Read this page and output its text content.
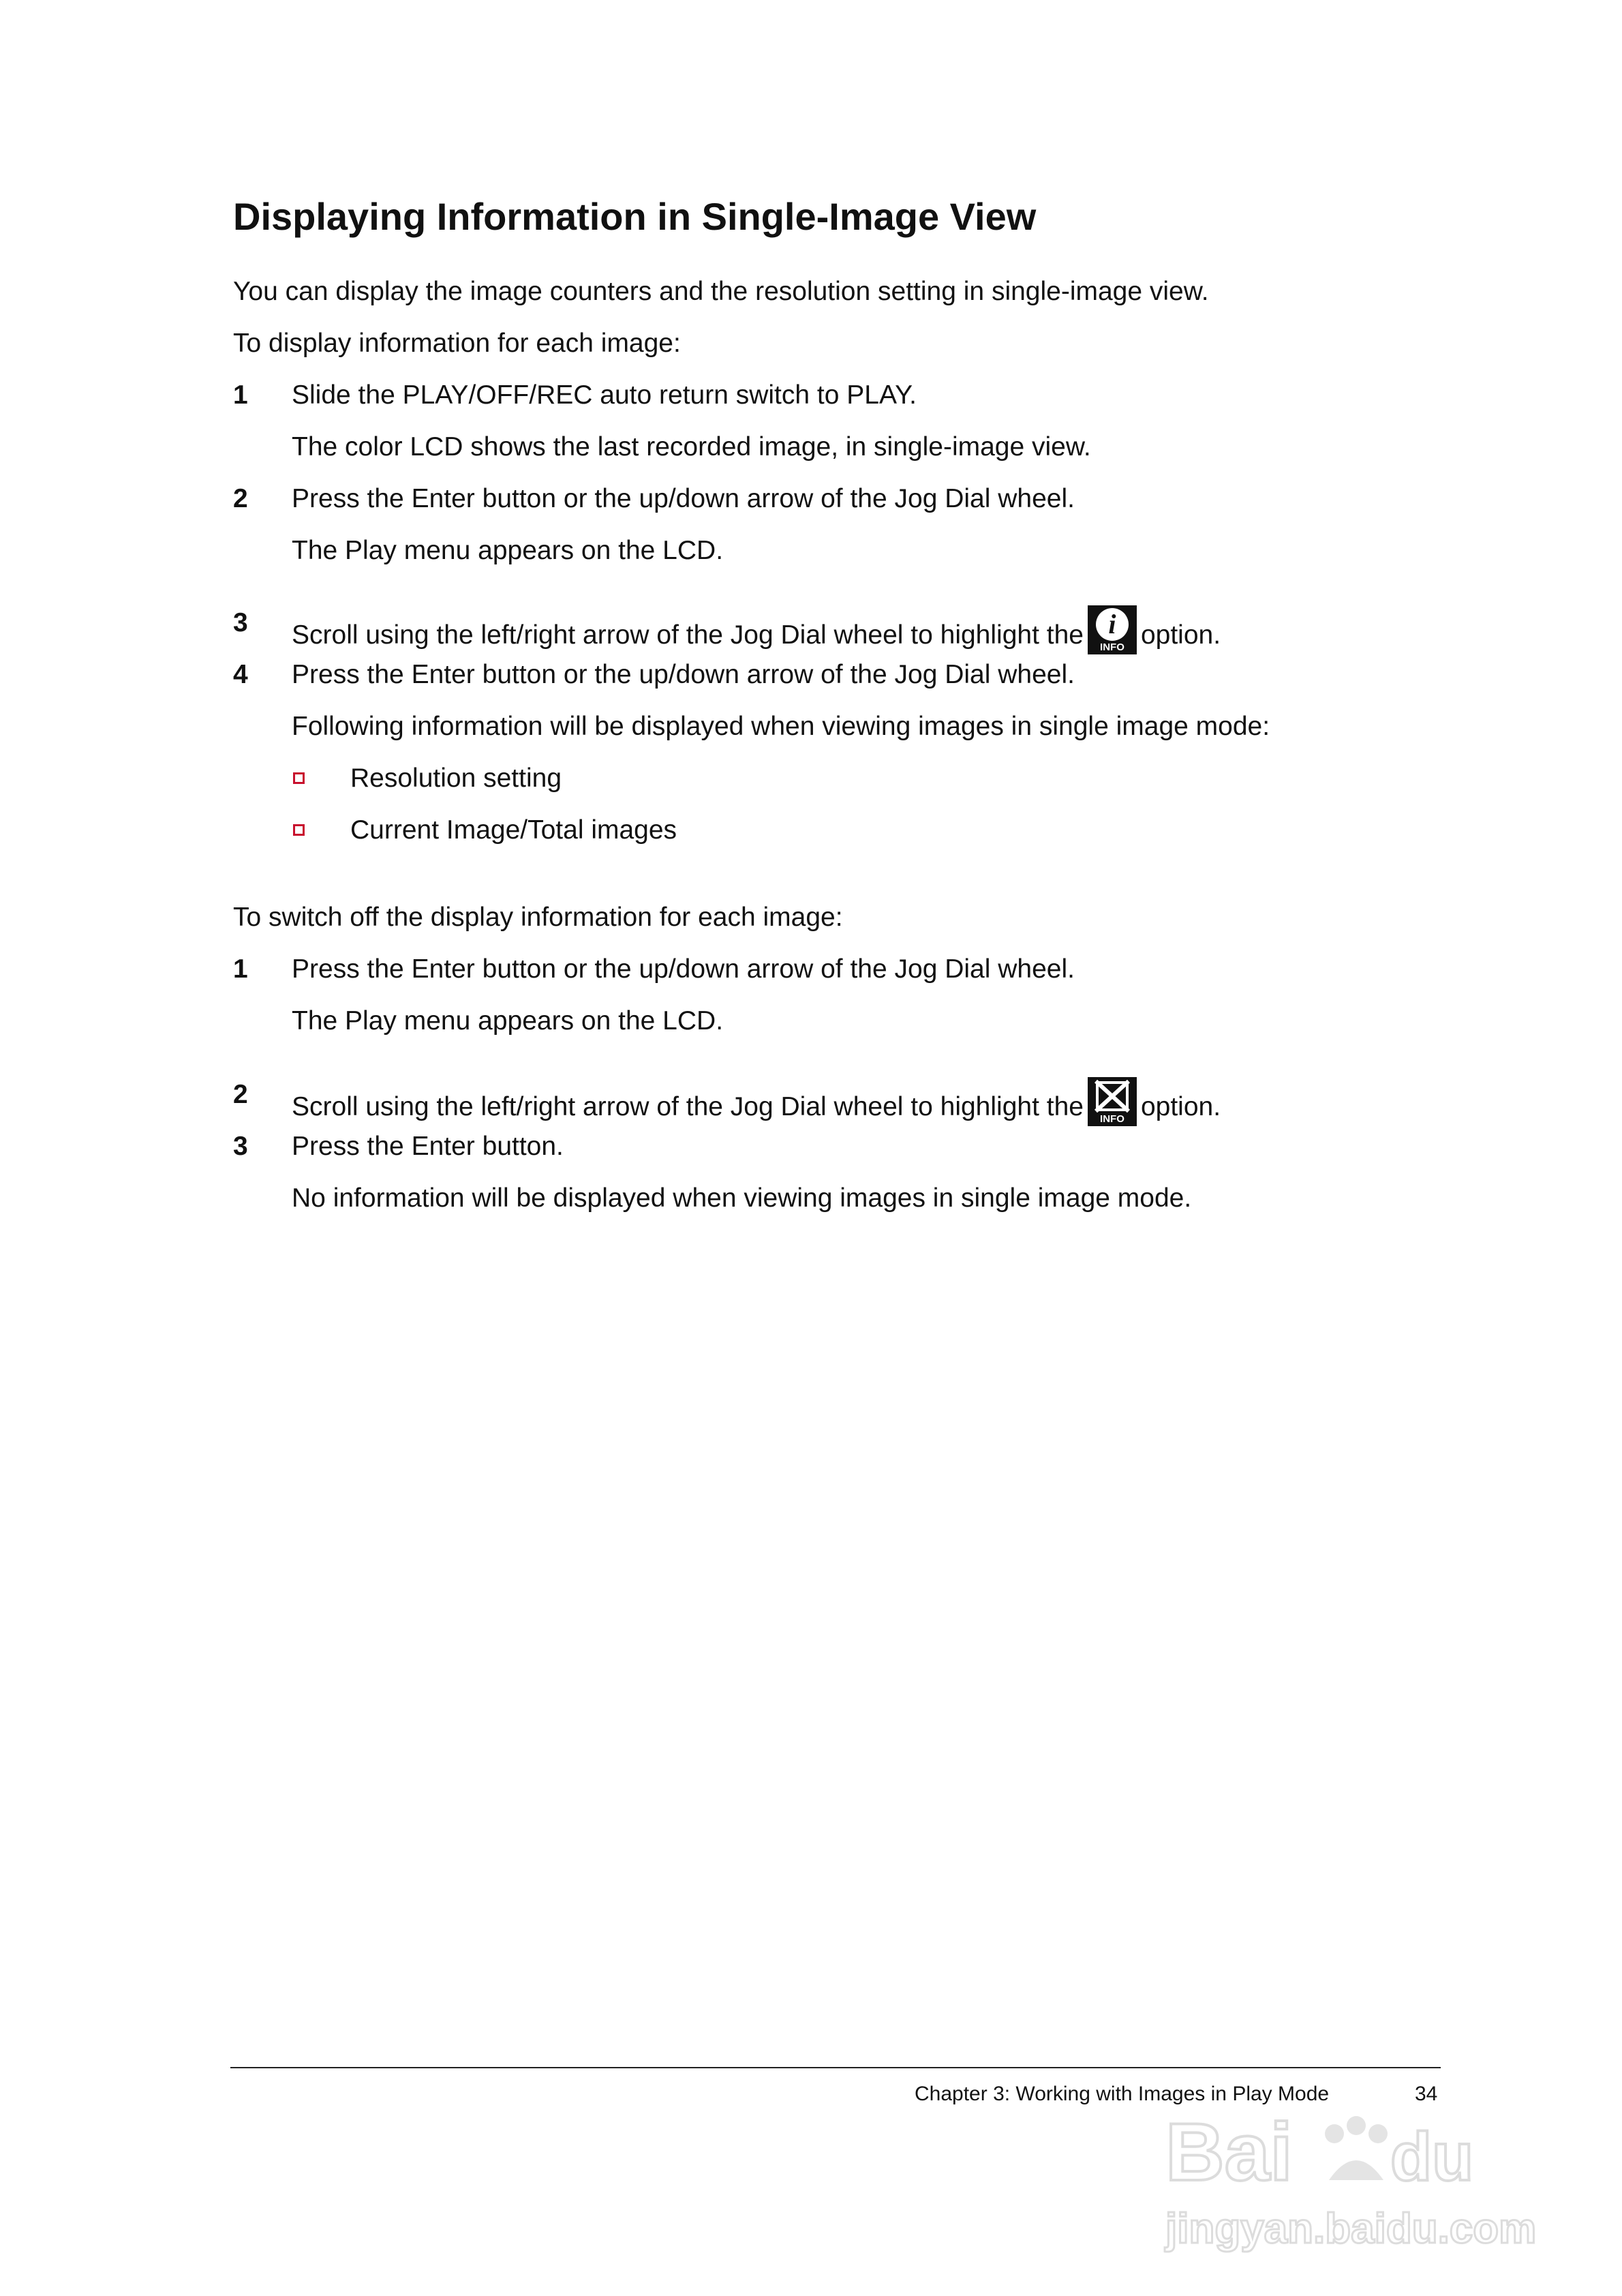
Displaying Information in Single-Image View
You can display the image counters and the resolution setting in single-image view.
To display information for each image:
1 Slide the PLAY/OFF/REC auto return switch to PLAY.
The color LCD shows the last recorded image, in single-image view.
2 Press the Enter button or the up/down arrow of the Jog Dial wheel.
The Play menu appears on the LCD.
3 Scroll using the left/right arrow of the Jog Dial wheel to highlight the i
INFO option.
4 Press the Enter button or the up/down arrow of the Jog Dial wheel.
Following information will be displayed when viewing images in single image mode:
Resolution setting
Current Image/Total images
To switch off the display information for each image:
1 Press the Enter button or the up/down arrow of the Jog Dial wheel.
The Play menu appears on the LCD.
2 Scroll using the left/right arrow of the Jog Dial wheel to highlight the	INFO option.
3 Press the Enter button.
No information will be displayed when viewing images in single image mode.
Chapter 3: Working with Images in Play Mode	34
Bai du
jingyan.baidu.com
